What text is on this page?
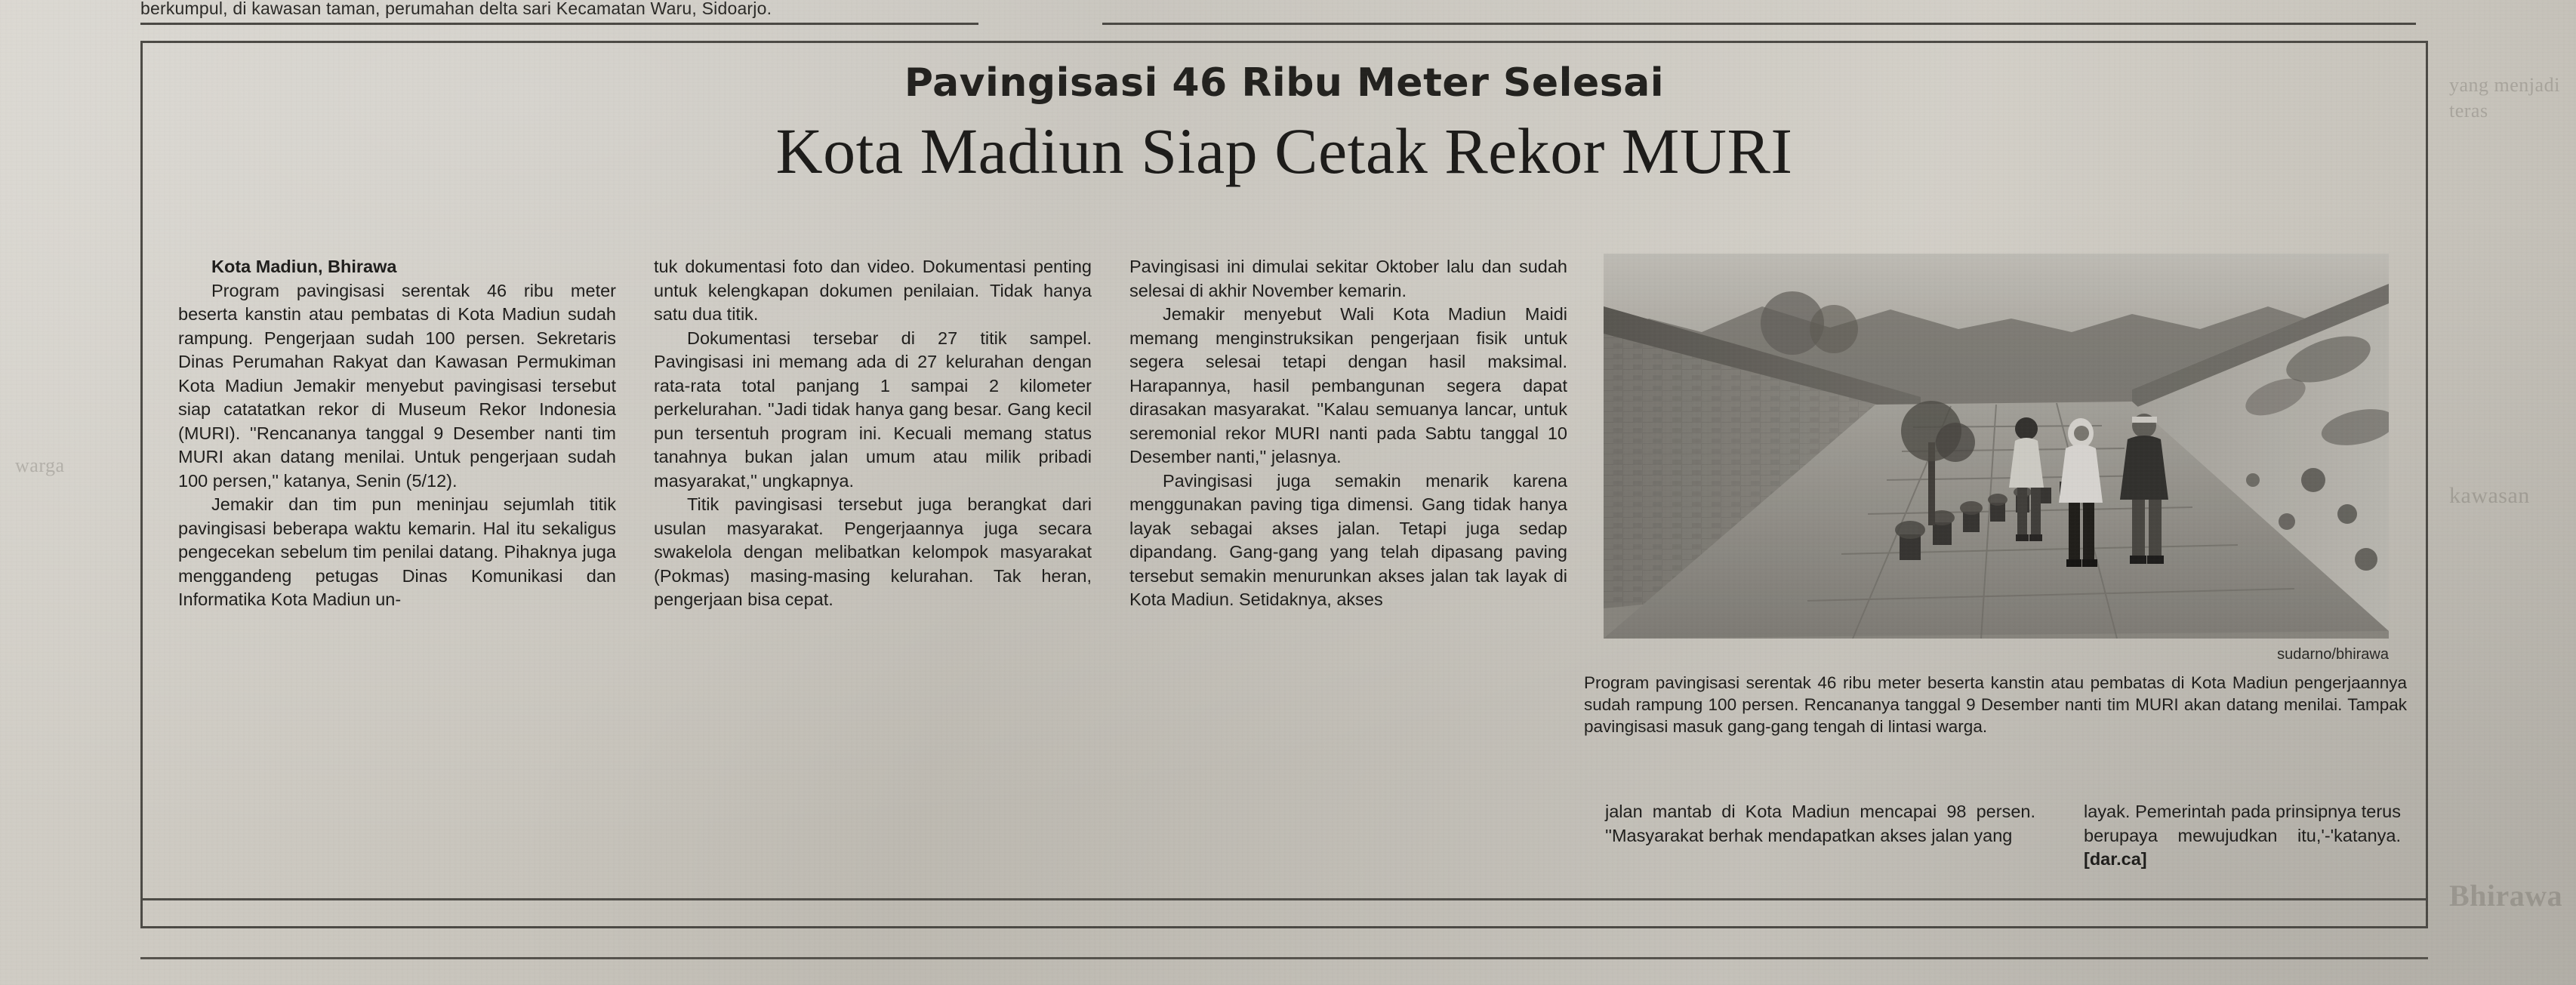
berkumpul, di kawasan taman, perumahan delta sari Kecamatan Waru, Sidoarjo.
Pavingisasi 46 Ribu Meter Selesai
Kota Madiun Siap Cetak Rekor MURI

Kota Madiun, Bhirawa

Program pavingisasi serentak 46 ribu meter beserta kanstin atau pembatas di Kota Madiun sudah rampung. Pengerjaan sudah 100 persen. Sekretaris Dinas Perumahan Rakyat dan Kawasan Permukiman Kota Madiun Jemakir menyebut pavingisasi tersebut siap catatatkan rekor di Museum Rekor Indonesia (MURI). ''Rencananya tanggal 9 Desember nanti tim MURI akan datang menilai. Untuk pengerjaan sudah 100 persen,'' katanya, Senin (5/12).

Jemakir dan tim pun meninjau sejumlah titik pavingisasi beberapa waktu kemarin. Hal itu sekaligus pengecekan sebelum tim penilai datang. Pihaknya juga menggandeng petugas Dinas Komunikasi dan Informatika Kota Madiun un-

tuk dokumentasi foto dan video. Dokumentasi penting untuk kelengkapan dokumen penilaian. Tidak hanya satu dua titik.

Dokumentasi tersebar di 27 titik sampel. Pavingisasi ini memang ada di 27 kelurahan dengan rata-rata total panjang 1 sampai 2 kilometer perkelurahan. ''Jadi tidak hanya gang besar. Gang kecil pun tersentuh program ini. Kecuali memang status tanahnya bukan jalan umum atau milik pribadi masyarakat,'' ungkapnya.

Titik pavingisasi tersebut juga berangkat dari usulan masyarakat. Pengerjaannya juga secara swakelola dengan melibatkan kelompok masyarakat (Pokmas) masing-masing kelurahan. Tak heran, pengerjaan bisa cepat.

Pavingisasi ini dimulai sekitar Oktober lalu dan sudah selesai di akhir November kemarin.

Jemakir menyebut Wali Kota Madiun Maidi memang menginstruksikan pengerjaan fisik untuk segera selesai tetapi dengan hasil maksimal. Harapannya, hasil pembangunan segera dapat dirasakan masyarakat. ''Kalau semuanya lancar, untuk seremonial rekor MURI nanti pada Sabtu tanggal 10 Desember nanti,'' jelasnya.

Pavingisasi juga semakin menarik karena menggunakan paving tiga dimensi. Gang tidak hanya layak sebagai akses jalan. Tetapi juga sedap dipandang. Gang-gang yang telah dipasang paving tersebut semakin menurunkan akses jalan tak layak di Kota Madiun. Setidaknya, akses

sudarno/bhirawa
Program pavingisasi serentak 46 ribu meter beserta kanstin atau pembatas di Kota Madiun pengerjaannya sudah rampung 100 persen. Rencananya tanggal 9 Desember nanti tim MURI akan datang menilai. Tampak pavingisasi masuk gang-gang tengah di lintasi warga.
jalan mantab di Kota Madiun mencapai 98 persen. ''Masyarakat berhak mendapatkan akses jalan yang
layak. Pemerintah pada prinsipnya terus berupaya mewujudkan itu,'-'katanya.[dar.ca]
yang menjadi teras
kawasan
Bhirawa
warga
